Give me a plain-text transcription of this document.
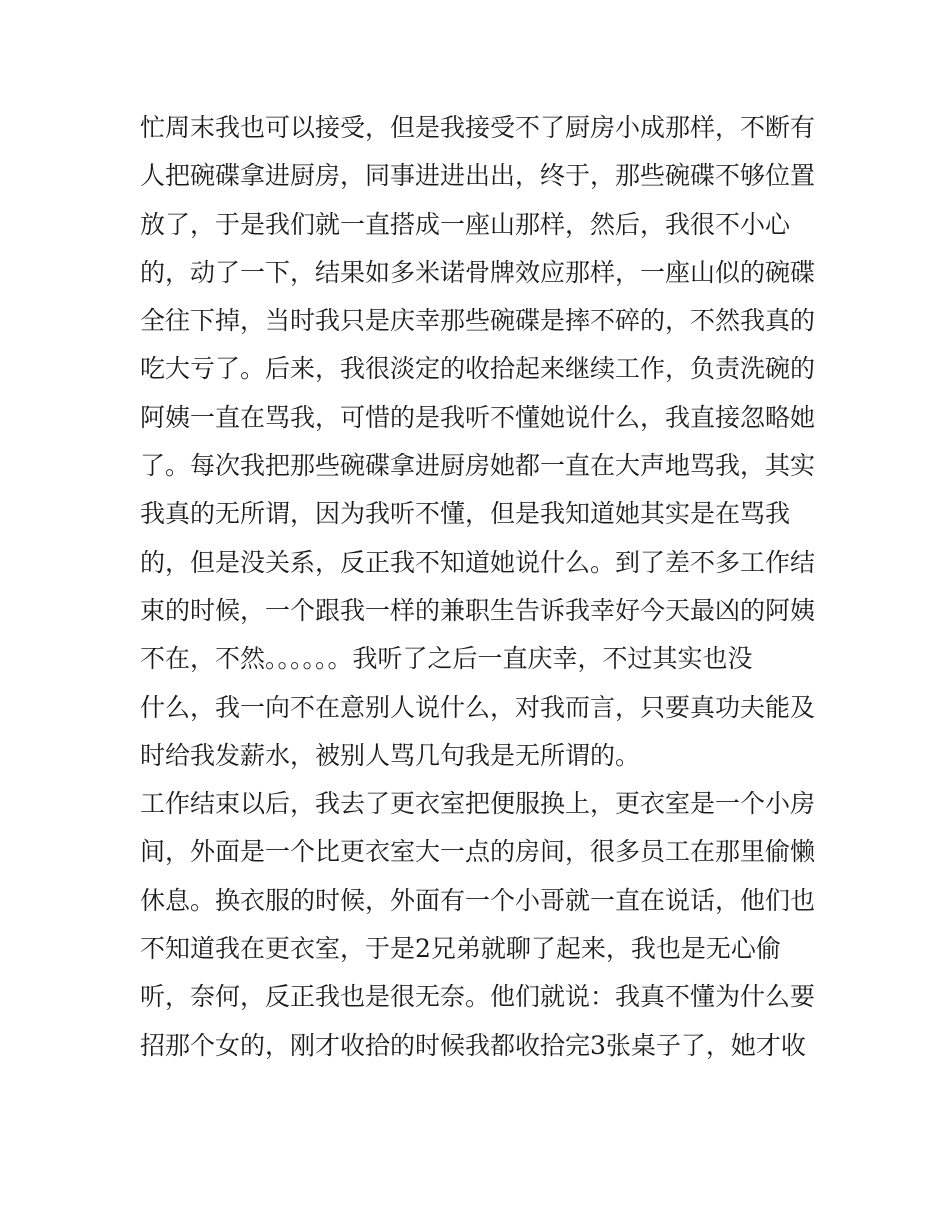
忙周末我也可以接受，但是我接受不了厨房小成那样，不断有
人把碗碟拿进厨房，同事进进出出，终于，那些碗碟不够位置
放了，于是我们就一直搭成一座山那样，然后，我很不小心
的，动了一下，结果如多米诺骨牌效应那样，一座山似的碗碟
全往下掉，当时我只是庆幸那些碗碟是摔不碎的，不然我真的
吃大亏了。后来，我很淡定的收拾起来继续工作，负责洗碗的
阿姨一直在骂我，可惜的是我听不懂她说什么，我直接忽略她
了。每次我把那些碗碟拿进厨房她都一直在大声地骂我，其实
我真的无所谓，因为我听不懂，但是我知道她其实是在骂我
的，但是没关系，反正我不知道她说什么。到了差不多工作结
束的时候，一个跟我一样的兼职生告诉我幸好今天最凶的阿姨
不在，不然。。。。。。我听了之后一直庆幸，不过其实也没
什么，我一向不在意别人说什么，对我而言，只要真功夫能及
时给我发薪水，被别人骂几句我是无所谓的。
工作结束以后，我去了更衣室把便服换上，更衣室是一个小房
间，外面是一个比更衣室大一点的房间，很多员工在那里偷懒
休息。换衣服的时候，外面有一个小哥就一直在说话，他们也
不知道我在更衣室，于是2兄弟就聊了起来，我也是无心偷
听，奈何，反正我也是很无奈。他们就说：我真不懂为什么要
招那个女的，刚才收拾的时候我都收拾完3张桌子了，她才收
